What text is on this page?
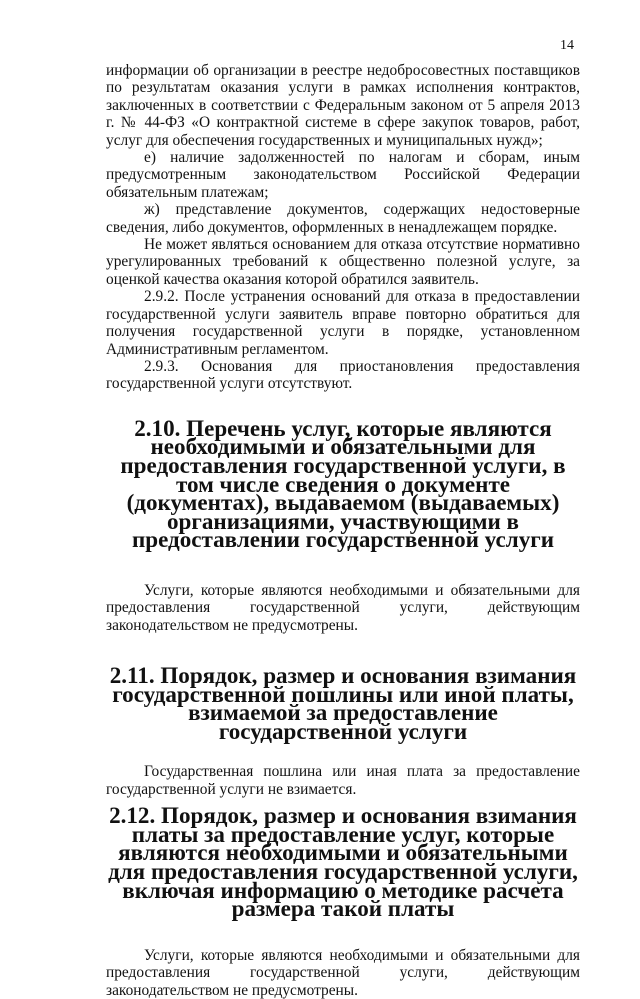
14

информации об организации в реестре недобросовестных поставщиков по результатам оказания услуги в рамках исполнения контрактов, заключенных в соответствии с Федеральным законом от 5 апреля 2013 г. № 44-ФЗ «О контрактной системе в сфере закупок товаров, работ, услуг для обеспечения государственных и муниципальных нужд»;

е) наличие задолженностей по налогам и сборам, иным предусмотренным законодательством Российской Федерации обязательным платежам;

ж) представление документов, содержащих недостоверные сведения, либо документов, оформленных в ненадлежащем порядке.

Не может являться основанием для отказа отсутствие нормативно урегулированных требований к общественно полезной услуге, за оценкой качества оказания которой обратился заявитель.

2.9.2. После устранения оснований для отказа в предоставлении государственной услуги заявитель вправе повторно обратиться для получения государственной услуги в порядке, установленном Административным регламентом.

2.9.3. Основания для приостановления предоставления государственной услуги отсутствуют.

2.10. Перечень услуг, которые являются необходимыми и обязательными для предоставления государственной услуги, в том числе сведения о документе (документах), выдаваемом (выдаваемых) организациями, участвующими в предоставлении государственной услуги

Услуги, которые являются необходимыми и обязательными для предоставления государственной услуги, действующим законодательством не предусмотрены.

2.11. Порядок, размер и основания взимания государственной пошлины или иной платы, взимаемой за предоставление государственной услуги

Государственная пошлина или иная плата за предоставление государственной услуги не взимается.

2.12. Порядок, размер и основания взимания платы за предоставление услуг, которые являются необходимыми и обязательными для предоставления государственной услуги, включая информацию о методике расчета размера такой платы

Услуги, которые являются необходимыми и обязательными для предоставления государственной услуги, действующим законодательством не предусмотрены.
